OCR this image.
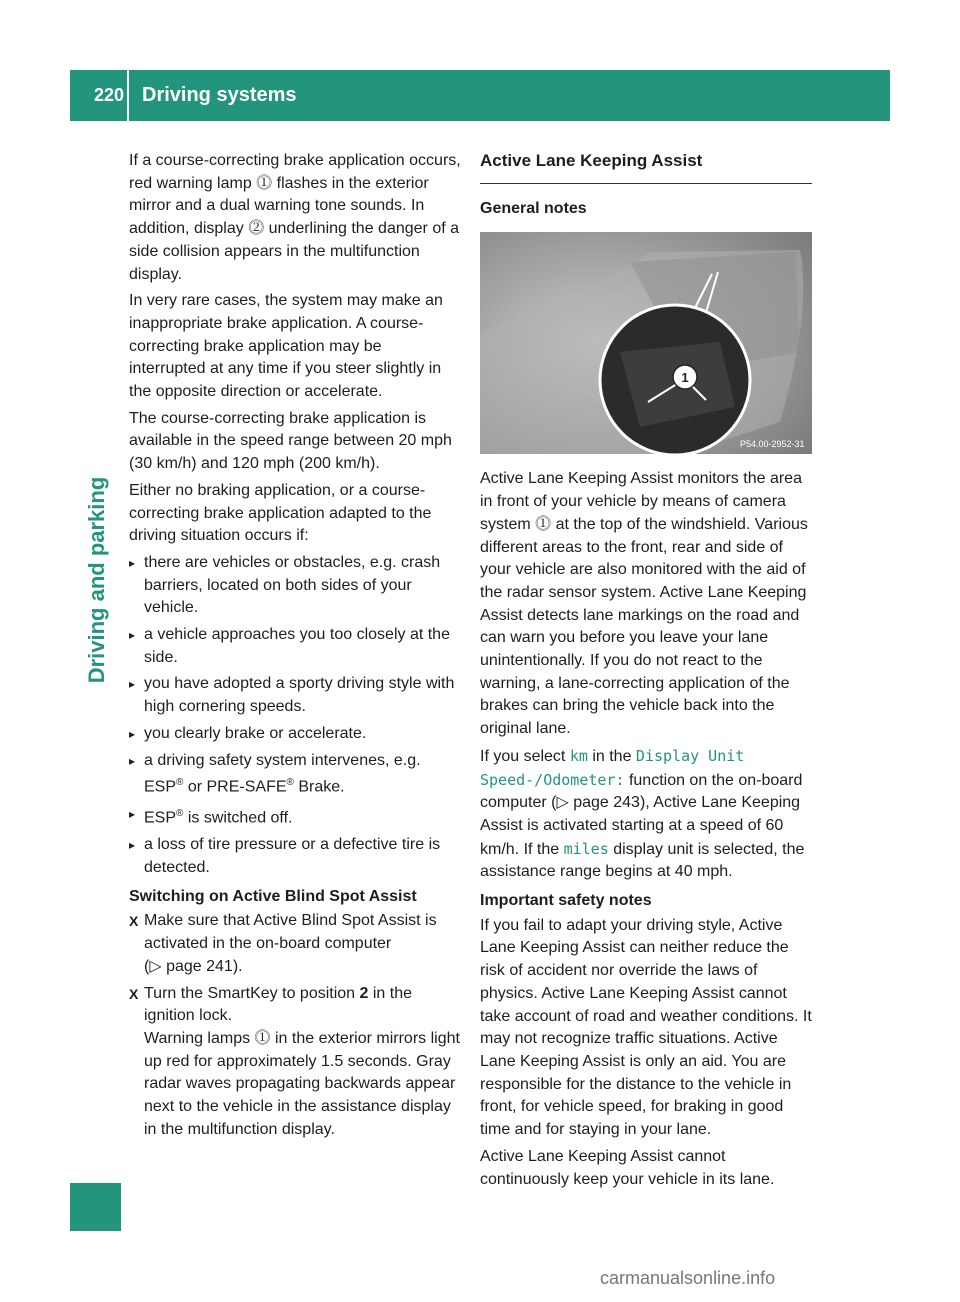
220 Driving systems
Driving and parking

If a course-correcting brake application occurs, red warning lamp ⓵ flashes in the exterior mirror and a dual warning tone sounds. In addition, display ⓶ underlining the danger of a side collision appears in the multifunction display.

In very rare cases, the system may make an inappropriate brake application. A course-correcting brake application may be interrupted at any time if you steer slightly in the opposite direction or accelerate.

The course-correcting brake application is available in the speed range between 20 mph (30 km/h) and 120 mph (200 km/h).

Either no braking application, or a course-correcting brake application adapted to the driving situation occurs if:

▸ there are vehicles or obstacles, e.g. crash barriers, located on both sides of your vehicle.
▸ a vehicle approaches you too closely at the side.
▸ you have adopted a sporty driving style with high cornering speeds.
▸ you clearly brake or accelerate.
▸ a driving safety system intervenes, e.g. ESP® or PRE-SAFE® Brake.
▸ ESP® is switched off.
▸ a loss of tire pressure or a defective tire is detected.

Switching on Active Blind Spot Assist

X Make sure that Active Blind Spot Assist is activated in the on-board computer
(▷ page 241).
X Turn the SmartKey to position 2 in the ignition lock.
Warning lamps ⓵ in the exterior mirrors light up red for approximately 1.5 seconds. Gray radar waves propagating backwards appear next to the vehicle in the assistance display in the multifunction display.
Active Lane Keeping Assist

General notes

1
P54.00-2952-31

Active Lane Keeping Assist monitors the area in front of your vehicle by means of camera system ⓵ at the top of the windshield. Various different areas to the front, rear and side of your vehicle are also monitored with the aid of the radar sensor system. Active Lane Keeping Assist detects lane markings on the road and can warn you before you leave your lane unintentionally. If you do not react to the warning, a lane-correcting application of the brakes can bring the vehicle back into the original lane.

If you select km in the Display Unit Speed-/Odometer: function on the on-board computer (▷ page 243), Active Lane Keeping Assist is activated starting at a speed of 60 km/h. If the miles display unit is selected, the assistance range begins at 40 mph.

Important safety notes

If you fail to adapt your driving style, Active Lane Keeping Assist can neither reduce the risk of accident nor override the laws of physics. Active Lane Keeping Assist cannot take account of road and weather conditions. It may not recognize traffic situations. Active Lane Keeping Assist is only an aid. You are responsible for the distance to the vehicle in front, for vehicle speed, for braking in good time and for staying in your lane.

Active Lane Keeping Assist cannot continuously keep your vehicle in its lane.

carmanualsonline.info
